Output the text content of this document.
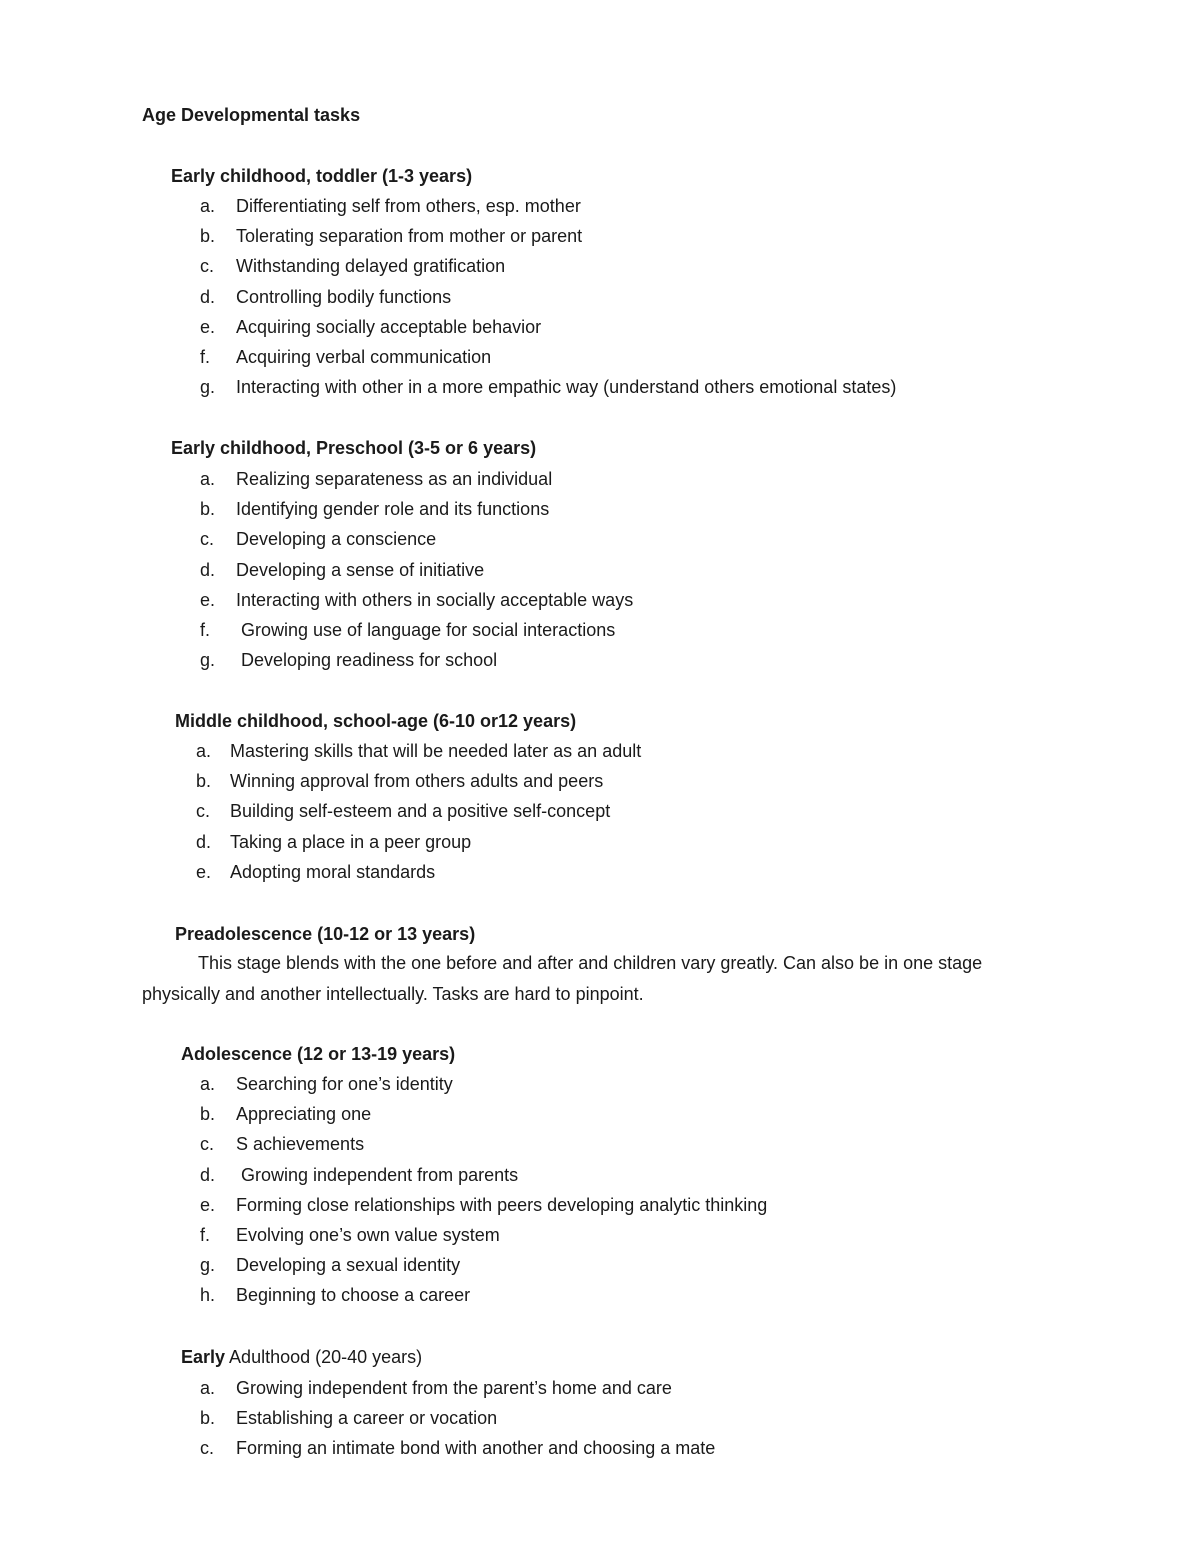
Age Developmental tasks
Early childhood, toddler (1-3 years)
a. Differentiating self from others, esp. mother
b. Tolerating separation from mother or parent
c. Withstanding delayed gratification
d. Controlling bodily functions
e. Acquiring socially acceptable behavior
f. Acquiring verbal communication
g. Interacting with other in a more empathic way (understand others emotional states)
Early childhood, Preschool (3-5 or 6 years)
a. Realizing separateness as an individual
b. Identifying gender role and its functions
c. Developing a conscience
d. Developing a sense of initiative
e. Interacting with others in socially acceptable ways
f. Growing use of language for social interactions
g. Developing readiness for school
Middle childhood, school-age (6-10 or12 years)
a. Mastering skills that will be needed later as an adult
b. Winning approval from others adults and peers
c. Building self-esteem and a positive self-concept
d. Taking a place in a peer group
e. Adopting moral standards
Preadolescence (10-12 or 13 years)
This stage blends with the one before and after and children vary greatly. Can also be in one stage
physically and another intellectually. Tasks are hard to pinpoint.
Adolescence (12 or 13-19 years)
a. Searching for one’s identity
b. Appreciating one
c. S achievements
d. Growing independent from parents
e. Forming close relationships with peers developing analytic thinking
f. Evolving one’s own value system
g. Developing a sexual identity
h. Beginning to choose a career
Early Adulthood (20-40 years)
a. Growing independent from the parent’s home and care
b. Establishing a career or vocation
c. Forming an intimate bond with another and choosing a mate
